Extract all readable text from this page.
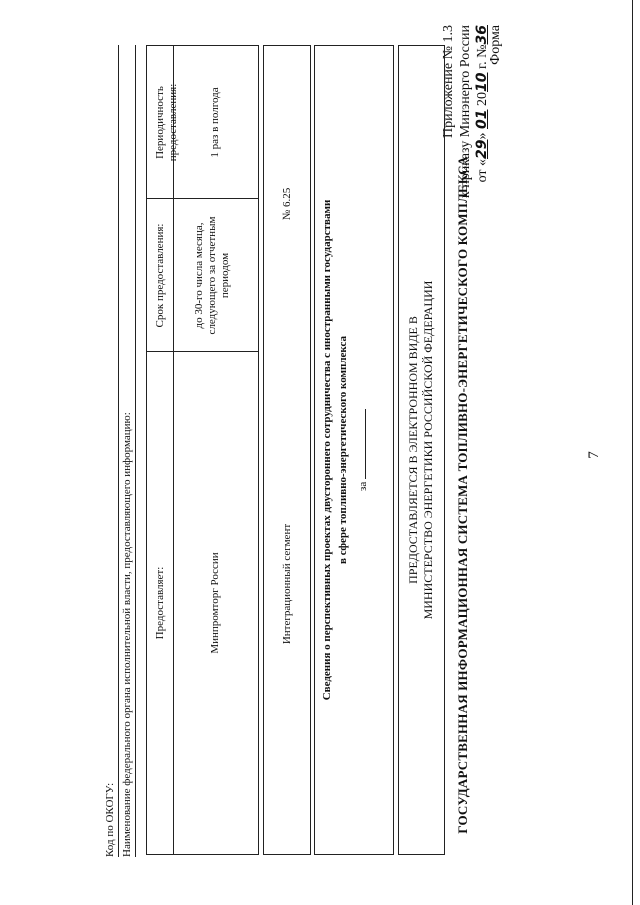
7
Приложение № 1.3 к приказу Минэнерго России от «29» 01 2010 г. №36
Форма
ГОСУДАРСТВЕННАЯ ИНФОРМАЦИОННАЯ СИСТЕМА ТОПЛИВНО-ЭНЕРГЕТИЧЕСКОГО КОМПЛЕКСА
ПРЕДОСТАВЛЯЕТСЯ В ЭЛЕКТРОННОМ ВИДЕ В МИНИСТЕРСТВО ЭНЕРГЕТИКИ РОССИЙСКОЙ ФЕДЕРАЦИИ
Сведения о перспективных проектах двустороннего сотрудничества с иностранными государствами в сфере топливно-энергетического комплекса за
Интеграционный сегмент
№ 6.25
Предоставляет:
Срок предоставления:
Периодичность предоставления:
Минпромторг России
до 30-го числа месяца, следующего за отчетным периодом
1 раз в полгода
Наименование федерального органа исполнительной власти, предоставляющего информацию:
Код по ОКОГУ:
